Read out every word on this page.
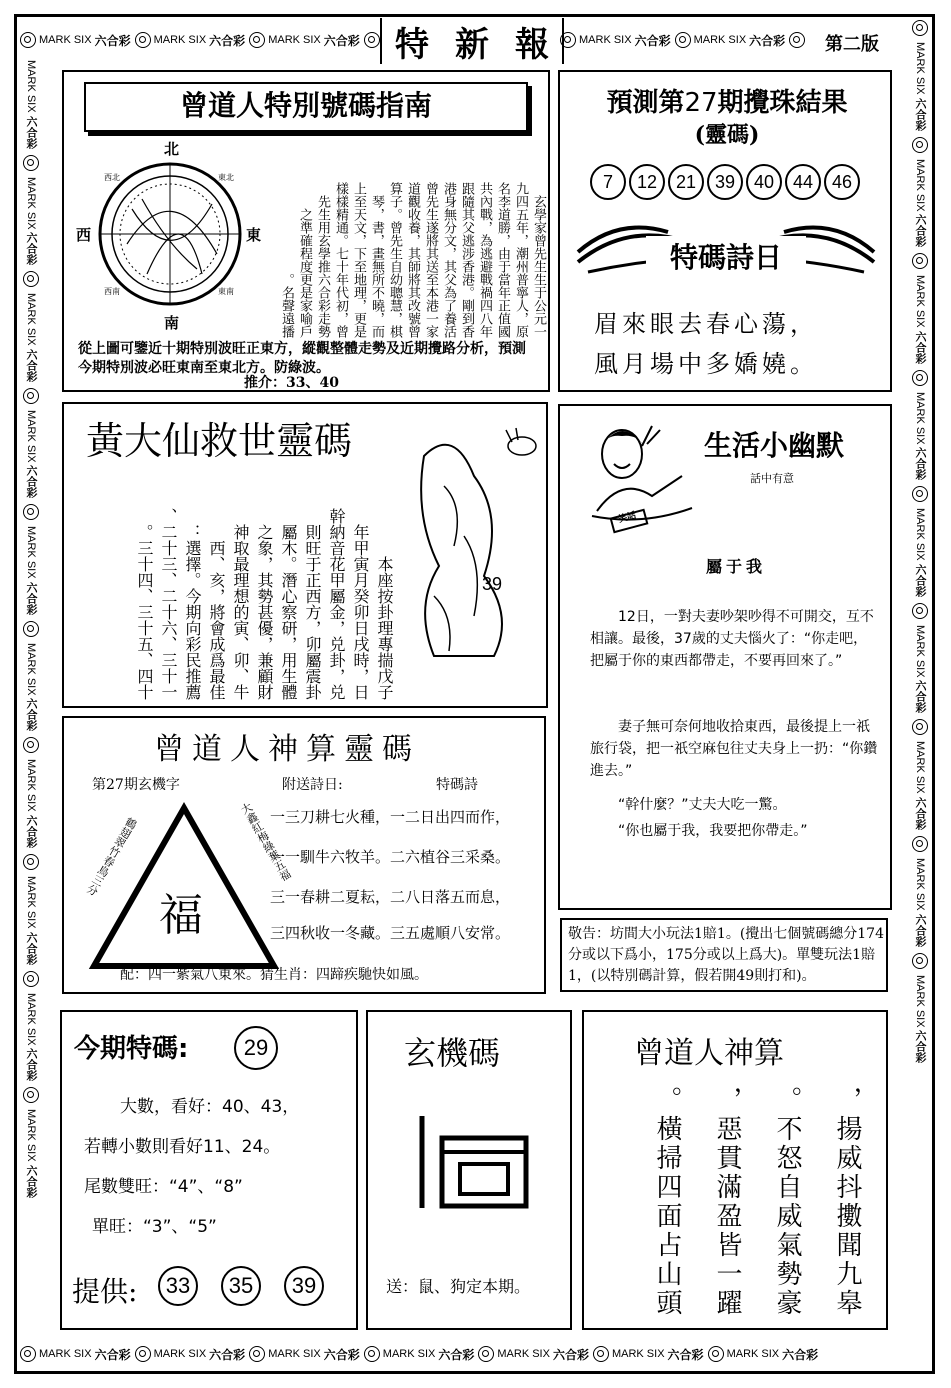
MARK SIX 六合彩 MARK SIX 六合彩 MARK SIX 六合彩	MARK SIX 六合彩 MARK SIX 六合彩
特 新 報	第二版
MARK SIX 六合彩 MARK SIX 六合彩 MARK SIX 六合彩 MARK SIX 六合彩 MARK SIX 六合彩 MARK SIX 六合彩 MARK SIX 六合彩
MARK SIX
六合彩
MARK SIX
六合彩
MARK SIX
六合彩
MARK SIX
六合彩
MARK SIX
六合彩
MARK SIX
六合彩
MARK SIX
六合彩
MARK SIX
六合彩
MARK SIX
六合彩
MARK SIX
六合彩
MARK SIX
六合彩
MARK SIX
六合彩
MARK SIX
六合彩
MARK SIX
六合彩
MARK SIX
六合彩
MARK SIX
六合彩
MARK SIX
六合彩
MARK SIX
六合彩
MARK SIX
六合彩
曾道人特別號碼指南
北
南
東
西
西北	東北
西南	東南	玄學家曾先生生于公元一
九四五年，潮州普寧人，原
名李道勝，由于當年正值國
共內戰，為逃避戰禍四八年
跟隨其父逃涉香港。剛到香
港身無分文，其父為了養活
曾先生遂將其送至本港一家
道觀收養，其師將其改號曾
算子。曾先生自幼聰慧，棋
琴，書，畫無所不曉，而
上至天文，下至地理，更是
樣樣精通。七十年代初，曾
先生用玄學推六合彩走勢
之準確程度更是家喻戶
名聲遠播。
從上圖可鑒近十期特別波旺正東方，縱觀整體走勢及近期攪路分析，預測今期特別波必旺東南至東北方。防綠波。
推介：33、40
預測第27期攪珠結果
(靈碼)
7	12	21	39	40	44	46
特碼詩日
眉來眼去春心蕩，
風月場中多嬌嬈。
黃大仙救世靈碼
39
本座按卦理專揣戊子
年甲寅月癸卯日戌時，日
幹納音花甲屬金，兑卦，兑
則旺于正西方，卯屬震卦
屬木。潛心察研，用生體
之象，其勢甚優，兼顧財
神取最理想的寅、卯、牛
西、亥，將會成爲最佳
選擇。今期向彩民推薦：
二十三、二十六、三十一、
三十四、三十五、四十。
笑話
生活小幽默
話中有意
屬于我
12日，一對夫妻吵架吵得不可開交，互不相讓。最後，37歲的丈夫惱火了：“你走吧，把屬于你的東西都帶走，不要再回來了。”
妻子無可奈何地收拾東西，最後提上一祇旅行袋，把一祇空麻包往丈夫身上一扔：“你鑽進去。”
“幹什麼？”丈夫大吃一驚。
“你也屬于我，我要把你帶走。”
曾道人神算靈碼
第27期玄機字	附送詩日:	特碼詩
福
鶴翅翠竹春鳥三分	大鑫紅梅綠葉五福
一三刀耕七火種，一二日出四而作，
一一馴牛六牧羊。二六植谷三采桑。
三一春耕二夏耘，二八日落五而息，
三四秋收一冬藏。三五處順八安常。
配：四一紫氣八東來。猜生肖：四蹄疾馳快如風。
敬告：坊間大小玩法1賠1。(攪出七個號碼總分174分或以下爲小，175分或以上爲大)。單雙玩法1賠1，(以特別碼計算，假若開49則打和)。
今期特碼:	29
大數，看好：40、43，
若轉小數則看好11、24。
尾數雙旺：“4”、“8”
單旺：“3”、“5”
提供:	33	35	39
玄機碼
送：鼠、狗定本期。
曾道人神算
揚威抖擻聞九皋，
不怒自威氣勢豪。
惡貫滿盈皆一躍，
橫掃四面占山頭。
